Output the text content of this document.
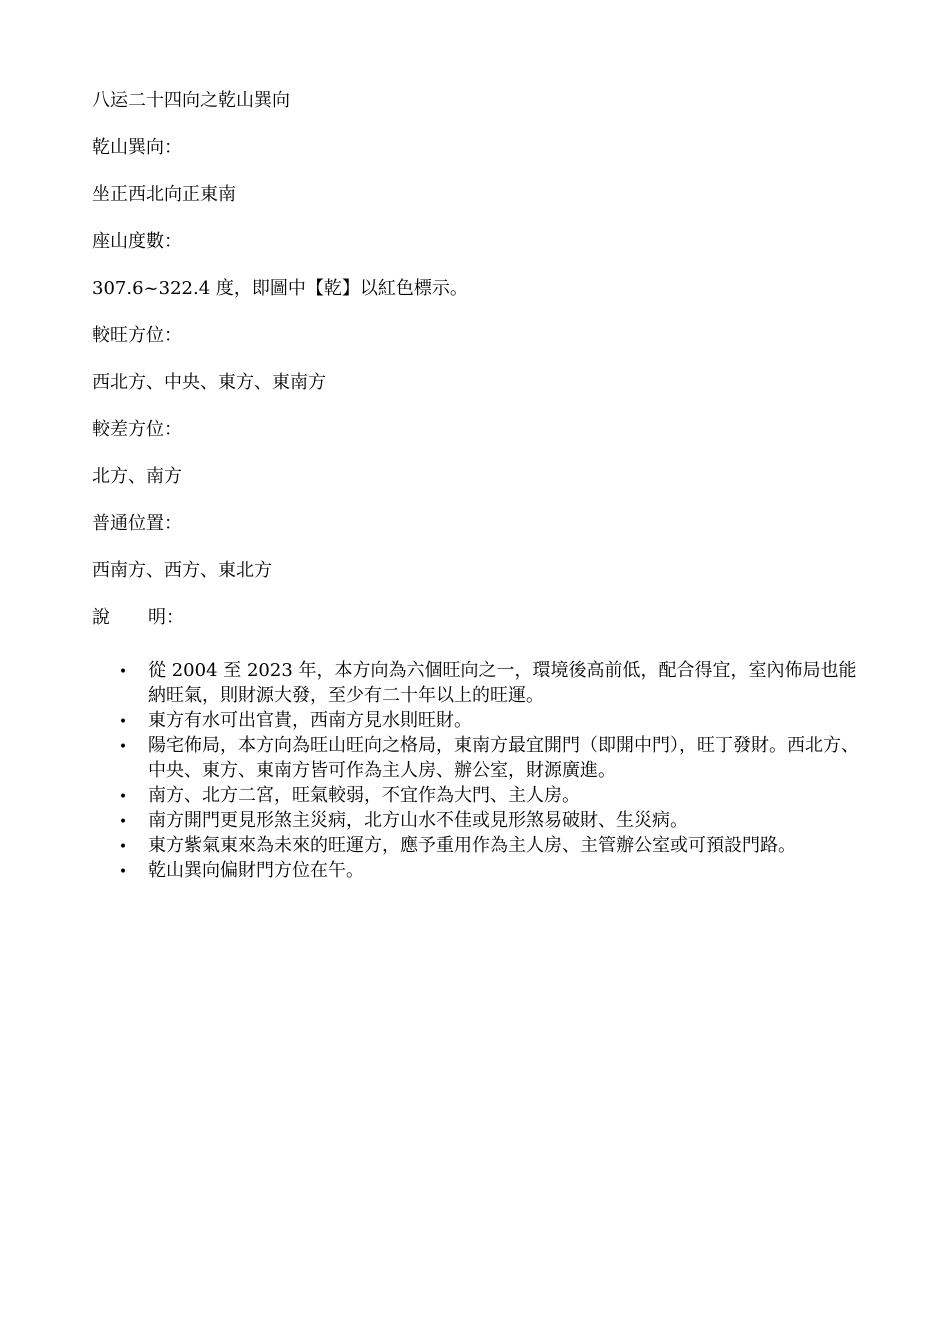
八运二十四向之乾山巽向

乾山巽向：

坐正西北向正東南

座山度數：

307.6~322.4 度，即圖中【乾】以紅色標示。

較旺方位：

西北方、中央、東方、東南方

較差方位：

北方、南方

普通位置：

西南方、西方、東北方

說 明：

• 從 2004 至 2023 年，本方向為六個旺向之一，環境後高前低，配合得宜，室內佈局也能納旺氣，則財源大發，至少有二十年以上的旺運。
• 東方有水可出官貴，西南方見水則旺財。
• 陽宅佈局，本方向為旺山旺向之格局，東南方最宜開門（即開中門），旺丁發財。西北方、中央、東方、東南方皆可作為主人房、辦公室，財源廣進。
• 南方、北方二宮，旺氣較弱，不宜作為大門、主人房。
• 南方開門更見形煞主災病，北方山水不佳或見形煞易破財、生災病。
• 東方紫氣東來為未來的旺運方，應予重用作為主人房、主管辦公室或可預設門路。
• 乾山巽向偏財門方位在午。
